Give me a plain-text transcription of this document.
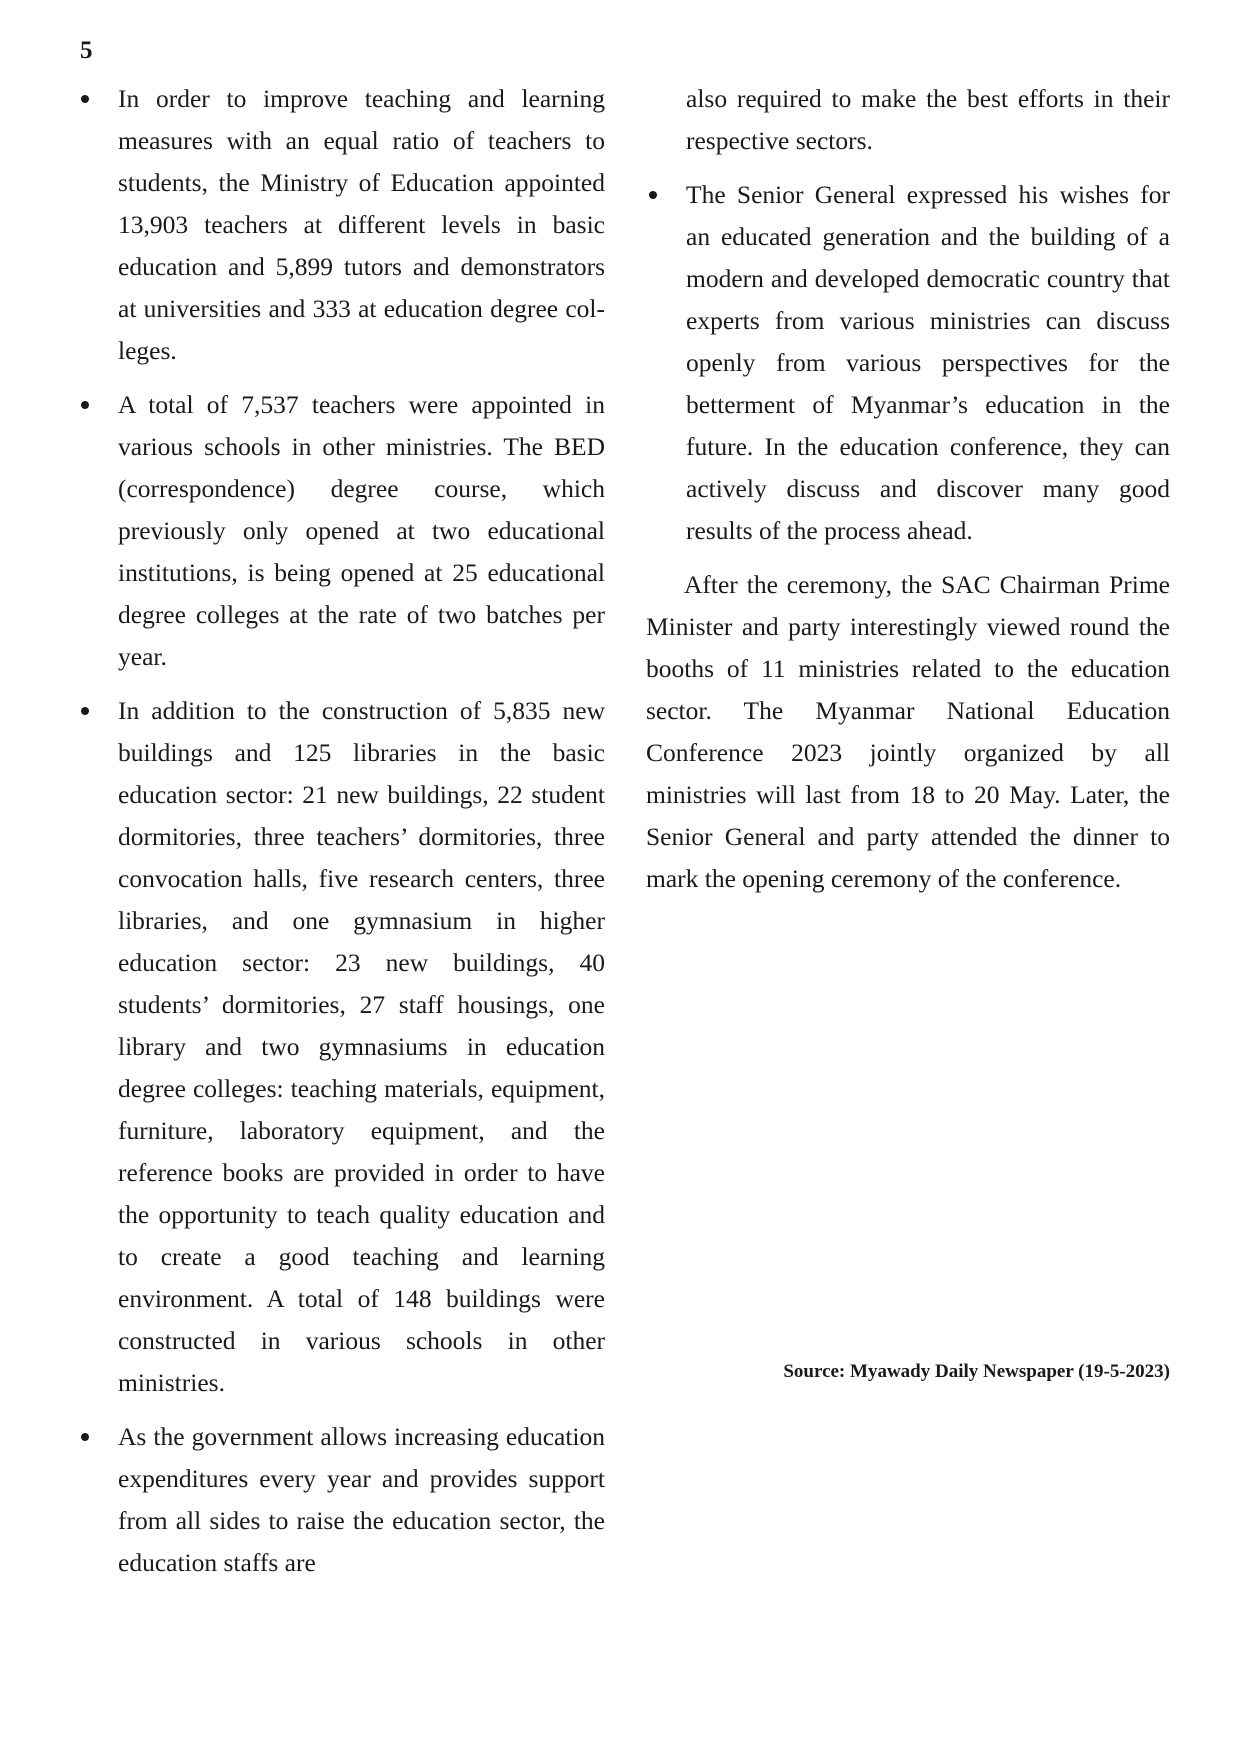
5
In order to improve teaching and learning measures with an equal ratio of teachers to students, the Ministry of Education appointed 13,903 teachers at different levels in basic education and 5,899 tutors and demonstrators at universities and 333 at education degree colleges.
A total of 7,537 teachers were appointed in various schools in other ministries. The BED (correspondence) degree course, which previously only opened at two educational institutions, is being opened at 25 educational degree colleges at the rate of two batches per year.
In addition to the construction of 5,835 new buildings and 125 libraries in the basic education sector: 21 new buildings, 22 student dormitories, three teachers’ dormitories, three convocation halls, five research centers, three libraries, and one gymnasium in higher education sector: 23 new buildings, 40 students’ dormitories, 27 staff housings, one library and two gymnasiums in education degree colleges: teaching materials, equipment, furniture, laboratory equipment, and the reference books are provided in order to have the opportunity to teach quality education and to create a good teaching and learning environment. A total of 148 buildings were constructed in various schools in other ministries.
As the government allows increasing education expenditures every year and provides support from all sides to raise the education sector, the education staffs are
also required to make the best efforts in their respective sectors.
The Senior General expressed his wishes for an educated generation and the building of a modern and developed democratic country that experts from various ministries can discuss openly from various perspectives for the betterment of Myanmar’s education in the future. In the education conference, they can actively discuss and discover many good results of the process ahead.

After the ceremony, the SAC Chairman Prime Minister and party interestingly viewed round the booths of 11 ministries related to the education sector. The Myanmar National Education Conference 2023 jointly organized by all ministries will last from 18 to 20 May. Later, the Senior General and party attended the dinner to mark the opening ceremony of the conference.

Source: Myawady Daily Newspaper (19-5-2023)
